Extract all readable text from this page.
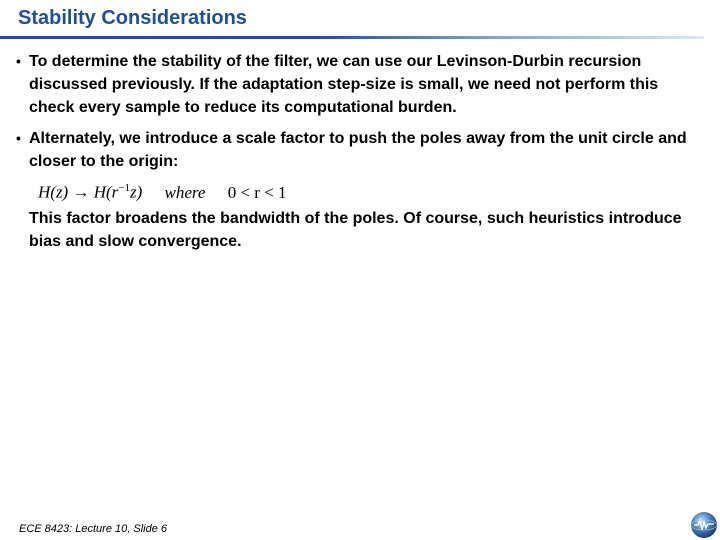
Stability Considerations
• To determine the stability of the filter, we can use our Levinson-Durbin recursion discussed previously. If the adaptation step-size is small, we need not perform this check every sample to reduce its computational burden.
• Alternately, we introduce a scale factor to push the poles away from the unit circle and closer to the origin:
$H(z) \to H(r^{-1}z)$ where 0 < r < 1
This factor broadens the bandwidth of the poles. Of course, such heuristics introduce bias and slow convergence.
ECE 8423: Lecture 10, Slide 6
